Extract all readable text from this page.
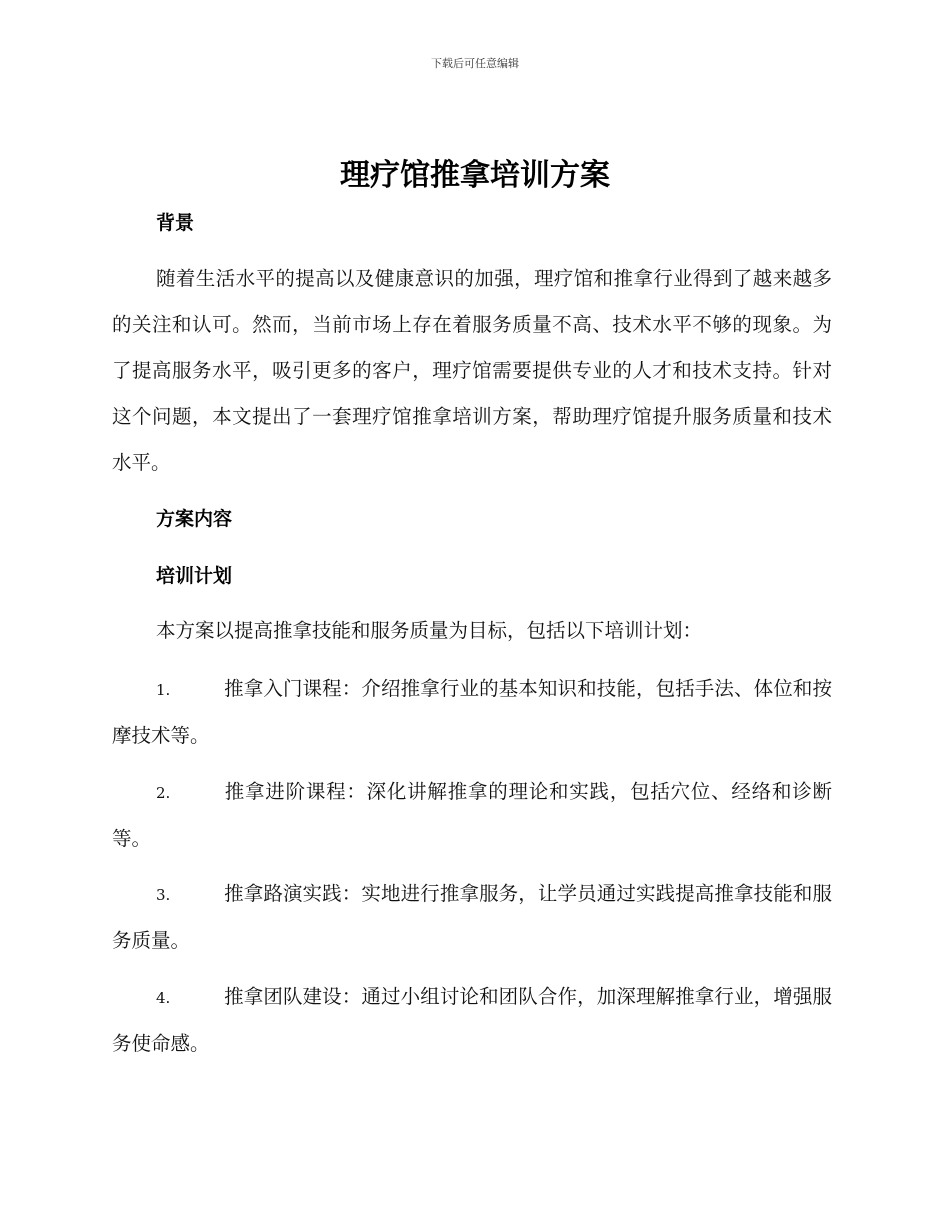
下载后可任意编辑
理疗馆推拿培训方案
背景

随着生活水平的提高以及健康意识的加强，理疗馆和推拿行业得到了越来越多的关注和认可。然而，当前市场上存在着服务质量不高、技术水平不够的现象。为了提高服务水平，吸引更多的客户，理疗馆需要提供专业的人才和技术支持。针对这个问题，本文提出了一套理疗馆推拿培训方案，帮助理疗馆提升服务质量和技术水平。

方案内容
培训计划

本方案以提高推拿技能和服务质量为目标，包括以下培训计划：

1.	推拿入门课程：介绍推拿行业的基本知识和技能，包括手法、体位和按摩技术等。

2.	推拿进阶课程：深化讲解推拿的理论和实践，包括穴位、经络和诊断等。

3.	推拿路演实践：实地进行推拿服务，让学员通过实践提高推拿技能和服务质量。

4.	推拿团队建设：通过小组讨论和团队合作，加深理解推拿行业，增强服务使命感。
